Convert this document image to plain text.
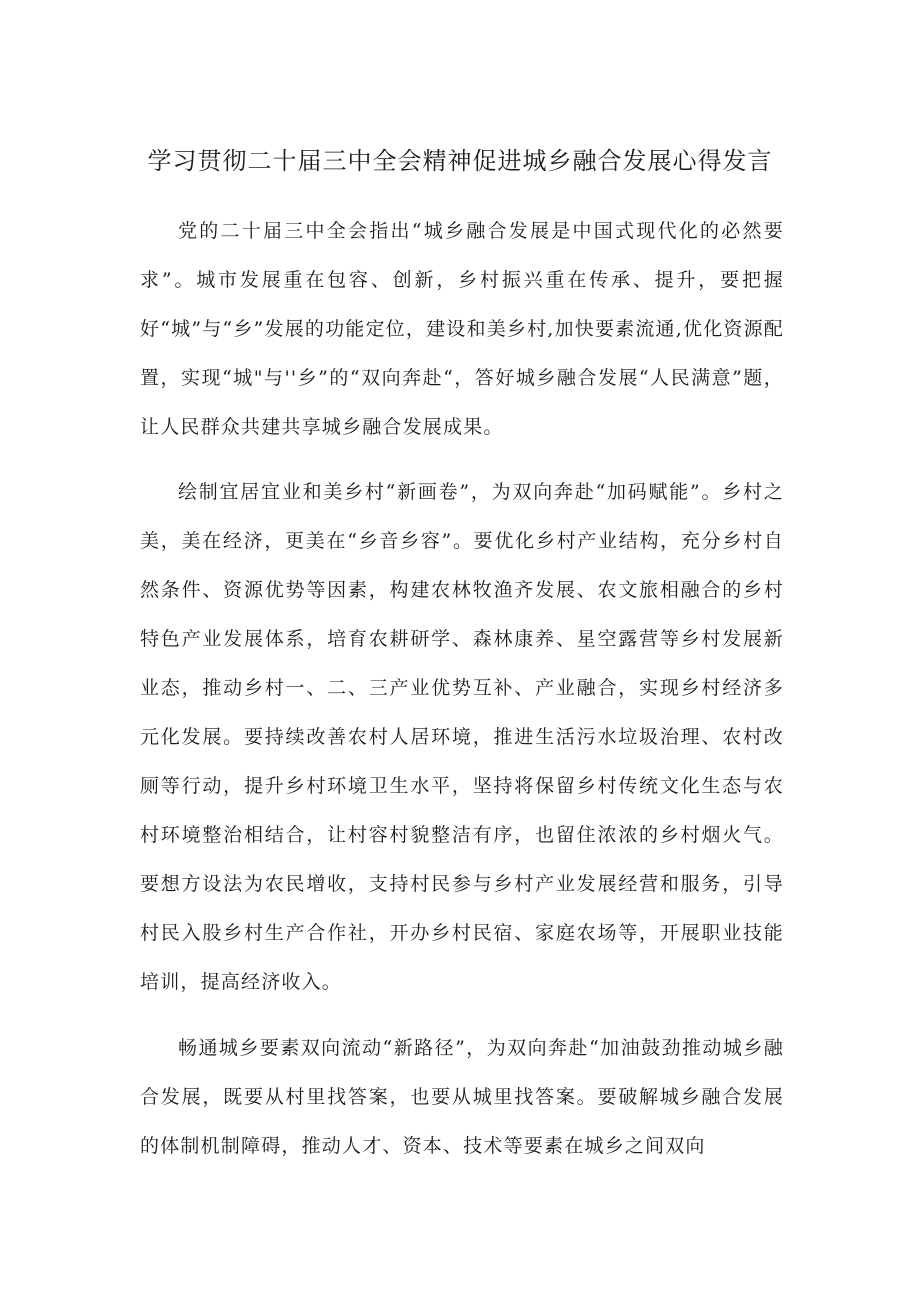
学习贯彻二十届三中全会精神促进城乡融合发展心得发言

党的二十届三中全会指出“城乡融合发展是中国式现代化的必然要求”。城市发展重在包容、创新，乡村振兴重在传承、提升，要把握好“城”与“乡”发展的功能定位，建设和美乡村,加快要素流通,优化资源配置，实现“城"与''乡”的“双向奔赴“，答好城乡融合发展“人民满意”题，让人民群众共建共享城乡融合发展成果。

绘制宜居宜业和美乡村“新画卷”，为双向奔赴“加码赋能”。乡村之美，美在经济，更美在“乡音乡容”。要优化乡村产业结构，充分乡村自然条件、资源优势等因素，构建农林牧渔齐发展、农文旅相融合的乡村特色产业发展体系，培育农耕研学、森林康养、星空露营等乡村发展新业态，推动乡村一、二、三产业优势互补、产业融合，实现乡村经济多元化发展。要持续改善农村人居环境，推进生活污水垃圾治理、农村改厕等行动，提升乡村环境卫生水平，坚持将保留乡村传统文化生态与农村环境整治相结合，让村容村貌整洁有序，也留住浓浓的乡村烟火气。要想方设法为农民增收，支持村民参与乡村产业发展经营和服务，引导村民入股乡村生产合作社，开办乡村民宿、家庭农场等，开展职业技能培训，提高经济收入。

畅通城乡要素双向流动“新路径”，为双向奔赴“加油鼓劲推动城乡融合发展，既要从村里找答案，也要从城里找答案。要破解城乡融合发展的体制机制障碍，推动人才、资本、技术等要素在城乡之间双向
